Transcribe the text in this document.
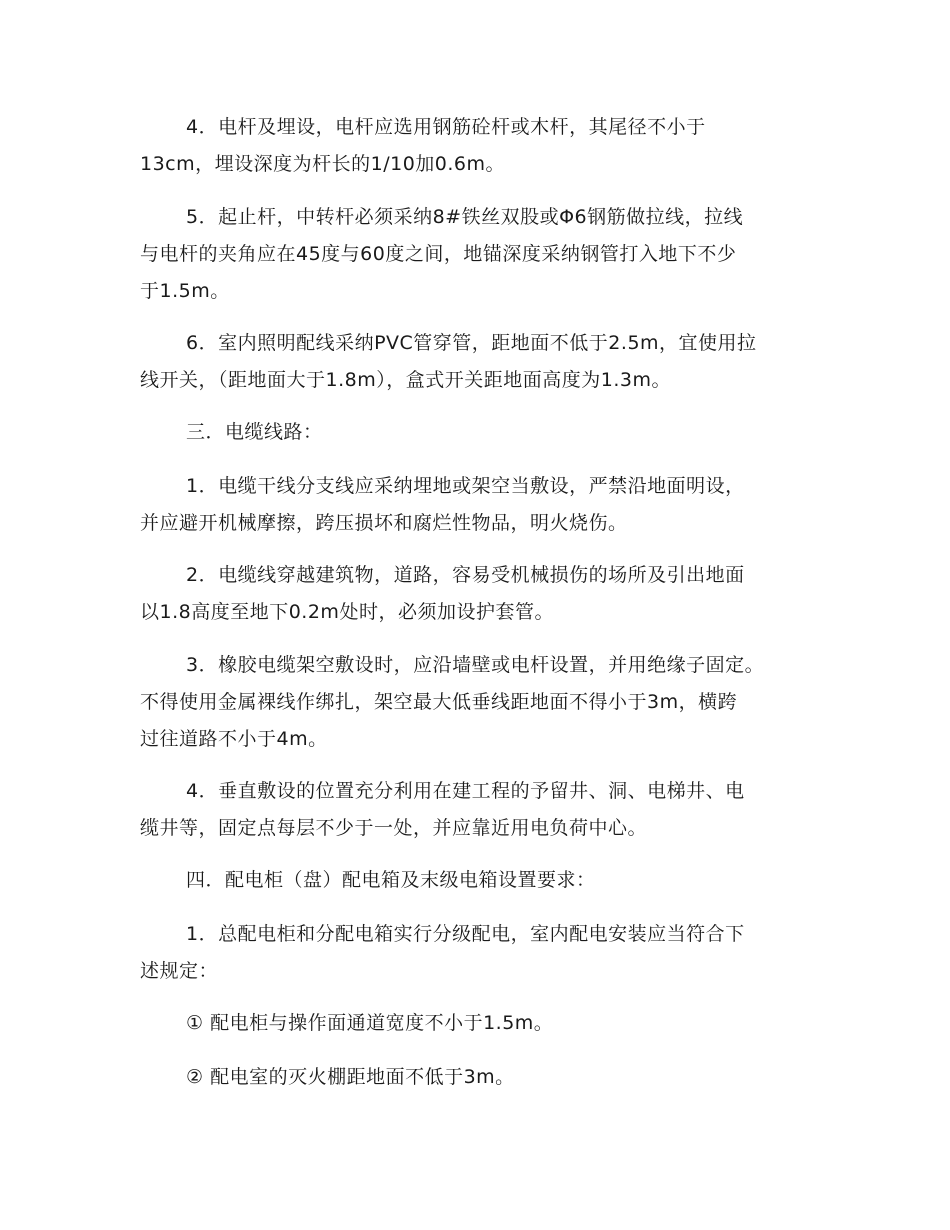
4．电杆及埋设，电杆应选用钢筋砼杆或木杆，其尾径不小于
13cm，埋设深度为杆长的1/10加0.6m。

5．起止杆，中转杆必须采纳8#铁丝双股或Φ6钢筋做拉线，拉线
与电杆的夹角应在45度与60度之间，地锚深度采纳钢管打入地下不少
于1.5m。

6．室内照明配线采纳PVC管穿管，距地面不低于2.5m，宜使用拉
线开关，（距地面大于1.8m），盒式开关距地面高度为1.3m。

三．电缆线路：

1．电缆干线分支线应采纳埋地或架空当敷设，严禁沿地面明设，
并应避开机械摩擦，跨压损坏和腐烂性物品，明火烧伤。

2．电缆线穿越建筑物，道路，容易受机械损伤的场所及引出地面
以1.8高度至地下0.2m处时，必须加设护套管。

3．橡胶电缆架空敷设时，应沿墙壁或电杆设置，并用绝缘子固定。
不得使用金属裸线作绑扎，架空最大低垂线距地面不得小于3m，横跨
过往道路不小于4m。

4．垂直敷设的位置充分利用在建工程的予留井、洞、电梯井、电
缆井等，固定点每层不少于一处，并应靠近用电负荷中心。

四．配电柜（盘）配电箱及末级电箱设置要求：

1．总配电柜和分配电箱实行分级配电，室内配电安装应当符合下
述规定：

① 配电柜与操作面通道宽度不小于1.5m。

② 配电室的灭火棚距地面不低于3m。
